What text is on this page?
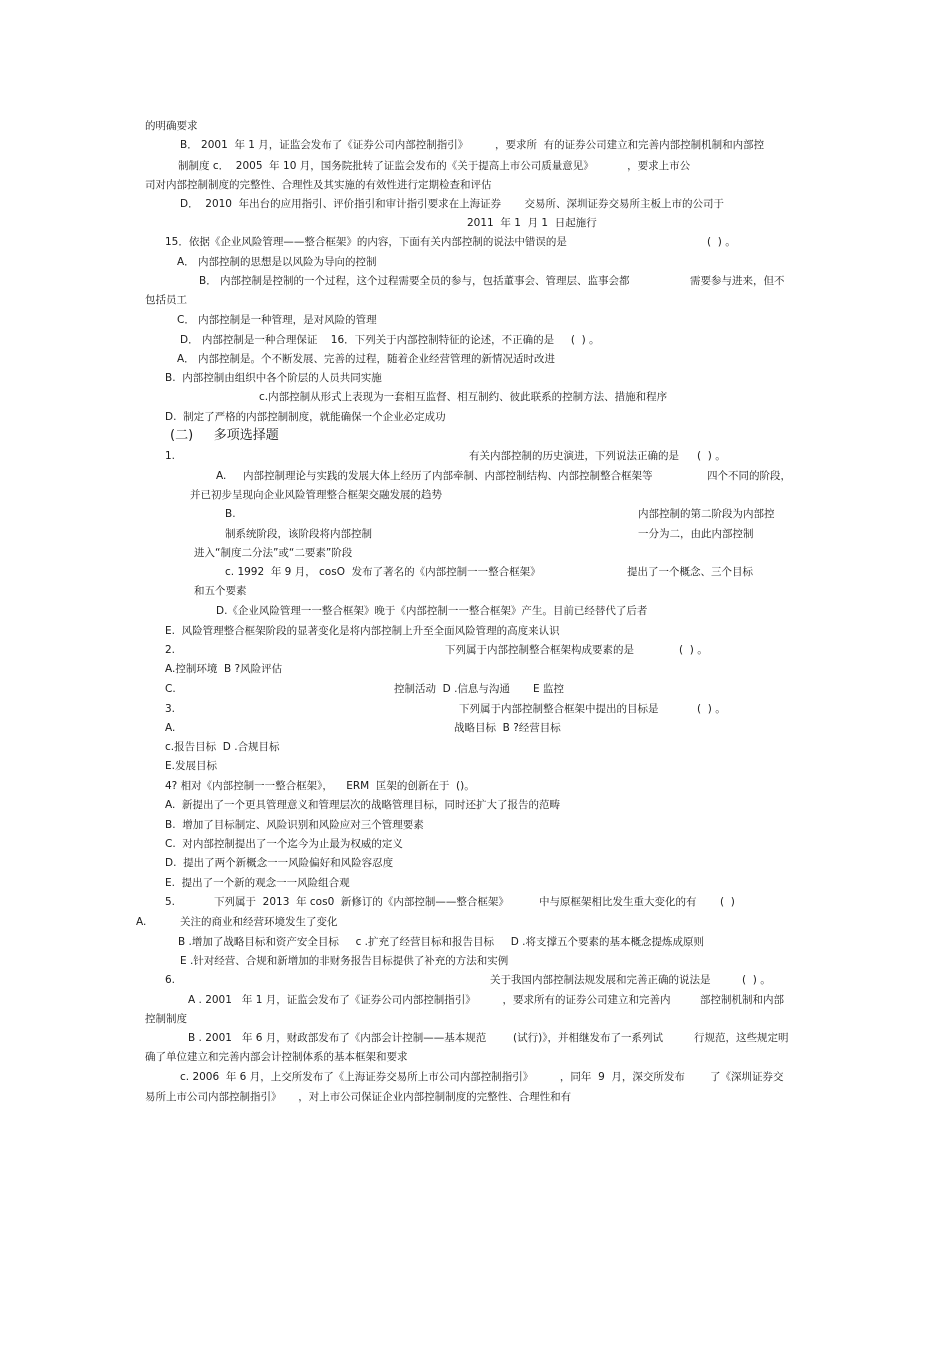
的明确要求
B． 2001  年 1 月，证监会发布了《证券公司内部控制指引》        ，要求所  有的证券公司建立和完善内部控制机制和内部控
制制度 c．  2005  年 10 月，国务院批转了证监会发布的《关于提高上市公司质量意见》          ，要求上市公
司对内部控制制度的完整性、合理性及其实施的有效性进行定期检查和评估
D．  2010  年出台的应用指引、评价指引和审计指引要求在上海证券       交易所、深圳证券交易所主板上市的公司于
2011  年 1  月 1  日起施行
15．依据《企业风险管理——整合框架》的内容，下面有关内部控制的说法中错误的是	(  ) 。
A． 内部控制的思想是以风险为导向的控制
B． 内部控制是控制的一个过程，这个过程需要全员的参与，包括董事会、管理层、监事会都	需要参与进来，但不
包括员工
C． 内部控制是一种管理，是对风险的管理
D． 内部控制是一种合理保证    16．下列关于内部控制特征的论述，不正确的是     (  ) 。
A． 内部控制是。个不断发展、完善的过程，随着企业经营管理的新情况适时改进
B.  内部控制由组织中各个阶层的人员共同实施
c.内部控制从形式上表现为一套相互监督、相互制约、彼此联系的控制方法、措施和程序
D.  制定了严格的内部控制制度，就能确保一个企业必定成功
(二)     多项选择题
1.	有关内部控制的历史演进，下列说法正确的是 (  ) 。
A.     内部控制理论与实践的发展大体上经历了内部牵制、内部控制结构、内部控制整合框架等	四个不同的阶段，
并已初步呈现向企业风险管理整合框架交融发展的趋势
B.	内部控制的第二阶段为内部控
制系统阶段，该阶段将内部控制	一分为二，由此内部控制
进入“制度二分法”或“二要素”阶段
c. 1992  年 9 月， cosO  发布了著名的《内部控制一一整合框架》	提出了一个概念、三个目标
和五个要素
D.《企业风险管理一一整合框架》晚于《内部控制一一整合框架》产生。目前已经替代了后者
E.  风险管理整合框架阶段的显著变化是将内部控制上升至全面风险管理的高度来认识
2.	下列属于内部控制整合框架构成要素的是	(  ) 。
A.控制环境  B ?风险评估
C.	控制活动  D .信息与沟通 E 监控
3.	下列属于内部控制整合框架中提出的目标是	(  ) 。
A.	战略目标  B ?经营目标
c.报告目标  D .合规目标
E.发展目标
4? 相对《内部控制一一整合框架》，    ERM  匡架的创新在于  ()。
A.  新提出了一个更具管理意义和管理层次的战略管理目标，同时还扩大了报告的范畴
B.  增加了目标制定、风险识别和风险应对三个管理要素
C.  对内部控制提出了一个迄今为止最为权威的定义
D.  提出了两个新概念一一风险偏好和风险容忍度
E.  提出了一个新的观念一一风险组合观
5.	下列属于  2013  年 cos0  新修订的《内部控制——整合框架》	中与原框架相比发生重大变化的有 (  )
A.	关注的商业和经营环境发生了变化
B .增加了战略目标和资产安全目标     c .扩充了经营目标和报告目标     D .将支撑五个要素的基本概念提炼成原则
E .针对经营、合规和新增加的非财务报告目标提供了补充的方法和实例
6.	关于我国内部控制法规发展和完善正确的说法是	(  ) 。
A . 2001   年 1 月，证监会发布了《证券公司内部控制指引》        ，要求所有的证券公司建立和完善内	部控制机制和内部
控制制度
B . 2001   年 6 月，财政部发布了《内部会计控制——基本规范        (试行)》，并相继发布了一系列试	行规范，这些规定明
确了单位建立和完善内部会计控制体系的基本框架和要求
c. 2006  年 6 月，上交所发布了《上海证券交易所上市公司内部控制指引》        ，同年  9  月，深交所发布 了《深圳证券交
易所上市公司内部控制指引》     ，对上市公司保证企业内部控制制度的完整性、合理性和有
